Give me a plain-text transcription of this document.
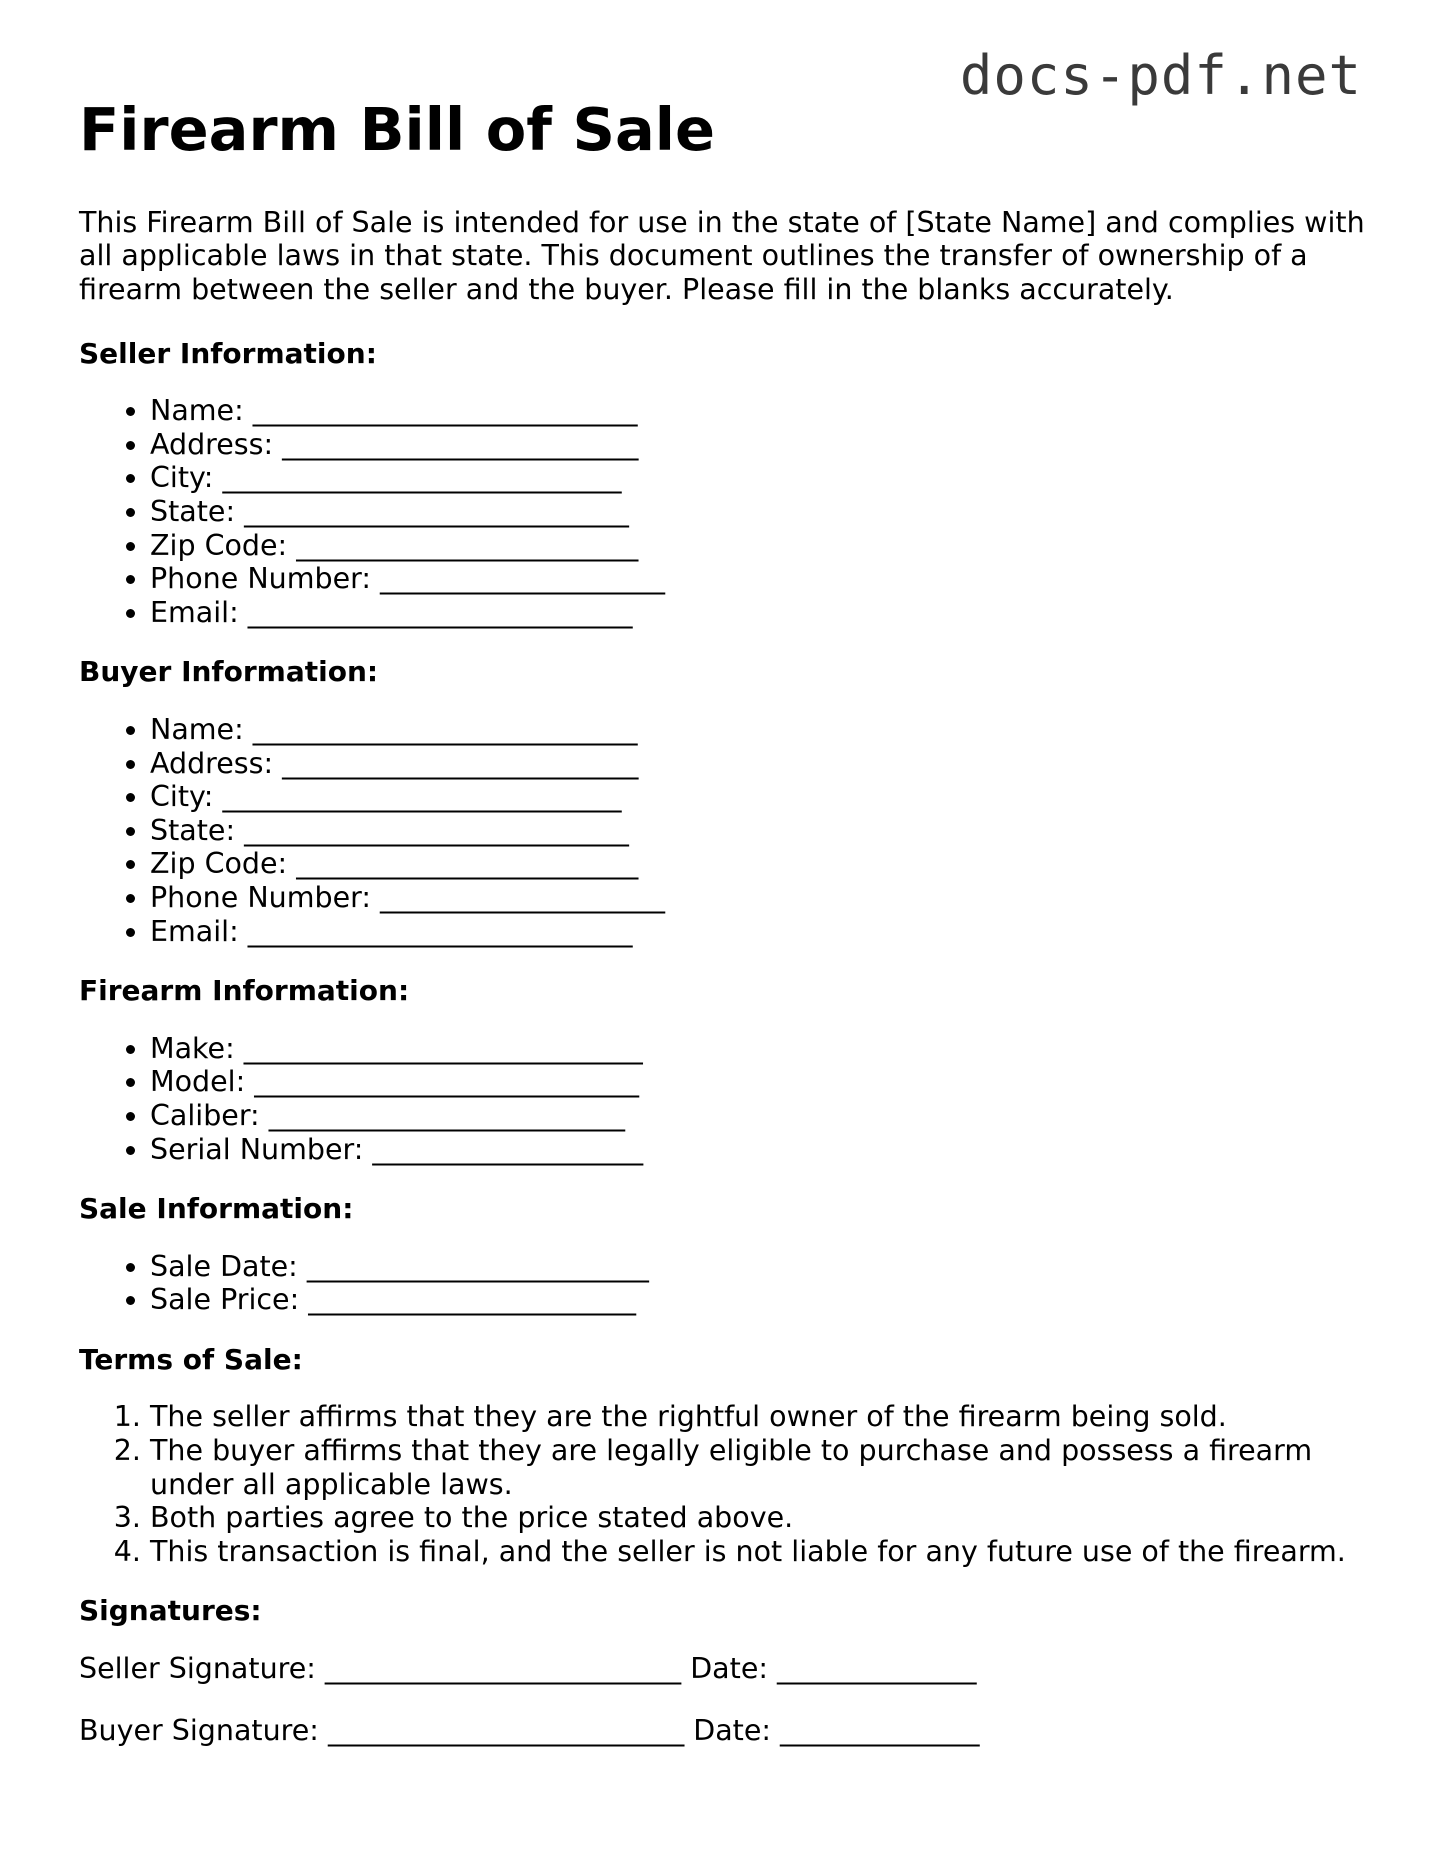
docs-pdf.net
Firearm Bill of Sale

This Firearm Bill of Sale is intended for use in the state of [State Name] and complies with all applicable laws in that state. This document outlines the transfer of ownership of a firearm between the seller and the buyer. Please fill in the blanks accurately.

Seller Information:
• Name: ___________________________
• Address: _________________________
• City: ____________________________
• State: ___________________________
• Zip Code: ________________________
• Phone Number: ____________________
• Email: ___________________________
Buyer Information:
• Name: ___________________________
• Address: _________________________
• City: ____________________________
• State: ___________________________
• Zip Code: ________________________
• Phone Number: ____________________
• Email: ___________________________
Firearm Information:
• Make: ____________________________
• Model: ___________________________
• Caliber: _________________________
• Serial Number: ___________________
Sale Information:
• Sale Date: ________________________
• Sale Price: _______________________
Terms of Sale:
1. The seller affirms that they are the rightful owner of the firearm being sold.
2. The buyer affirms that they are legally eligible to purchase and possess a firearm under all applicable laws.
3. Both parties agree to the price stated above.
4. This transaction is final, and the seller is not liable for any future use of the firearm.
Signatures:

Seller Signature: _________________________ Date: ______________

Buyer Signature: _________________________ Date: ______________
